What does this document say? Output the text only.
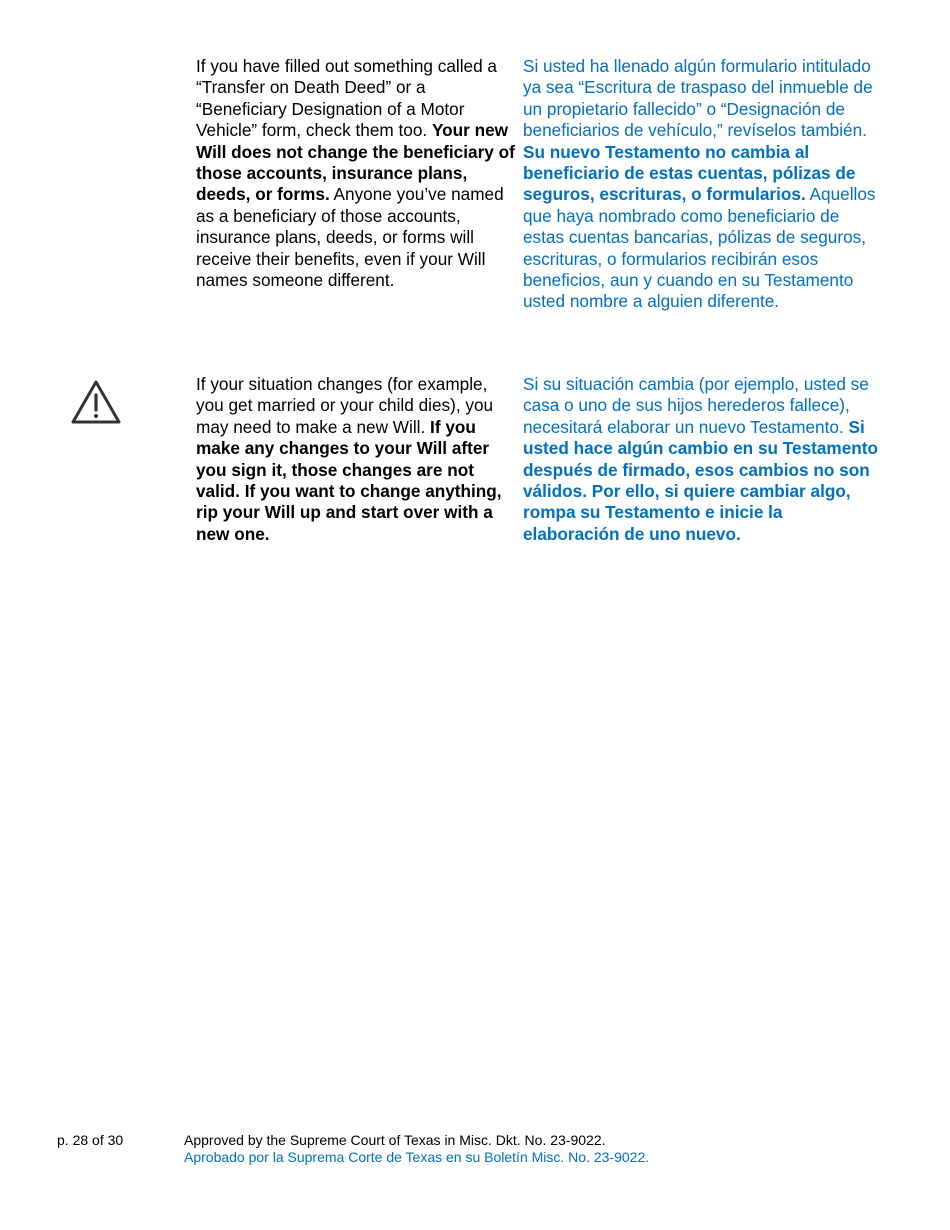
If you have filled out something called a “Transfer on Death Deed” or a “Beneficiary Designation of a Motor Vehicle” form, check them too. Your new Will does not change the beneficiary of those accounts, insurance plans, deeds, or forms. Anyone you’ve named as a beneficiary of those accounts, insurance plans, deeds, or forms will receive their benefits, even if your Will names someone different.

Si usted ha llenado algún formulario intitulado ya sea “Escritura de traspaso del inmueble de un propietario fallecido” o “Designación de beneficiarios de vehículo,” revíselos también. Su nuevo Testamento no cambia al beneficiario de estas cuentas, pólizas de seguros, escrituras, o formularios. Aquellos que haya nombrado como beneficiario de estas cuentas bancarias, pólizas de seguros, escrituras, o formularios recibirán esos beneficios, aun y cuando en su Testamento usted nombre a alguien diferente.

If your situation changes (for example, you get married or your child dies), you may need to make a new Will. If you make any changes to your Will after you sign it, those changes are not valid. If you want to change anything, rip your Will up and start over with a new one.

Si su situación cambia (por ejemplo, usted se casa o uno de sus hijos herederos fallece), necesitará elaborar un nuevo Testamento. Si usted hace algún cambio en su Testamento después de firmado, esos cambios no son válidos. Por ello, si quiere cambiar algo, rompa su Testamento e inicie la elaboración de uno nuevo.

p. 28 of 30	Approved by the Supreme Court of Texas in Misc. Dkt. No. 23-9022.
Aprobado por la Suprema Corte de Texas en su Boletín Misc. No. 23-9022.
